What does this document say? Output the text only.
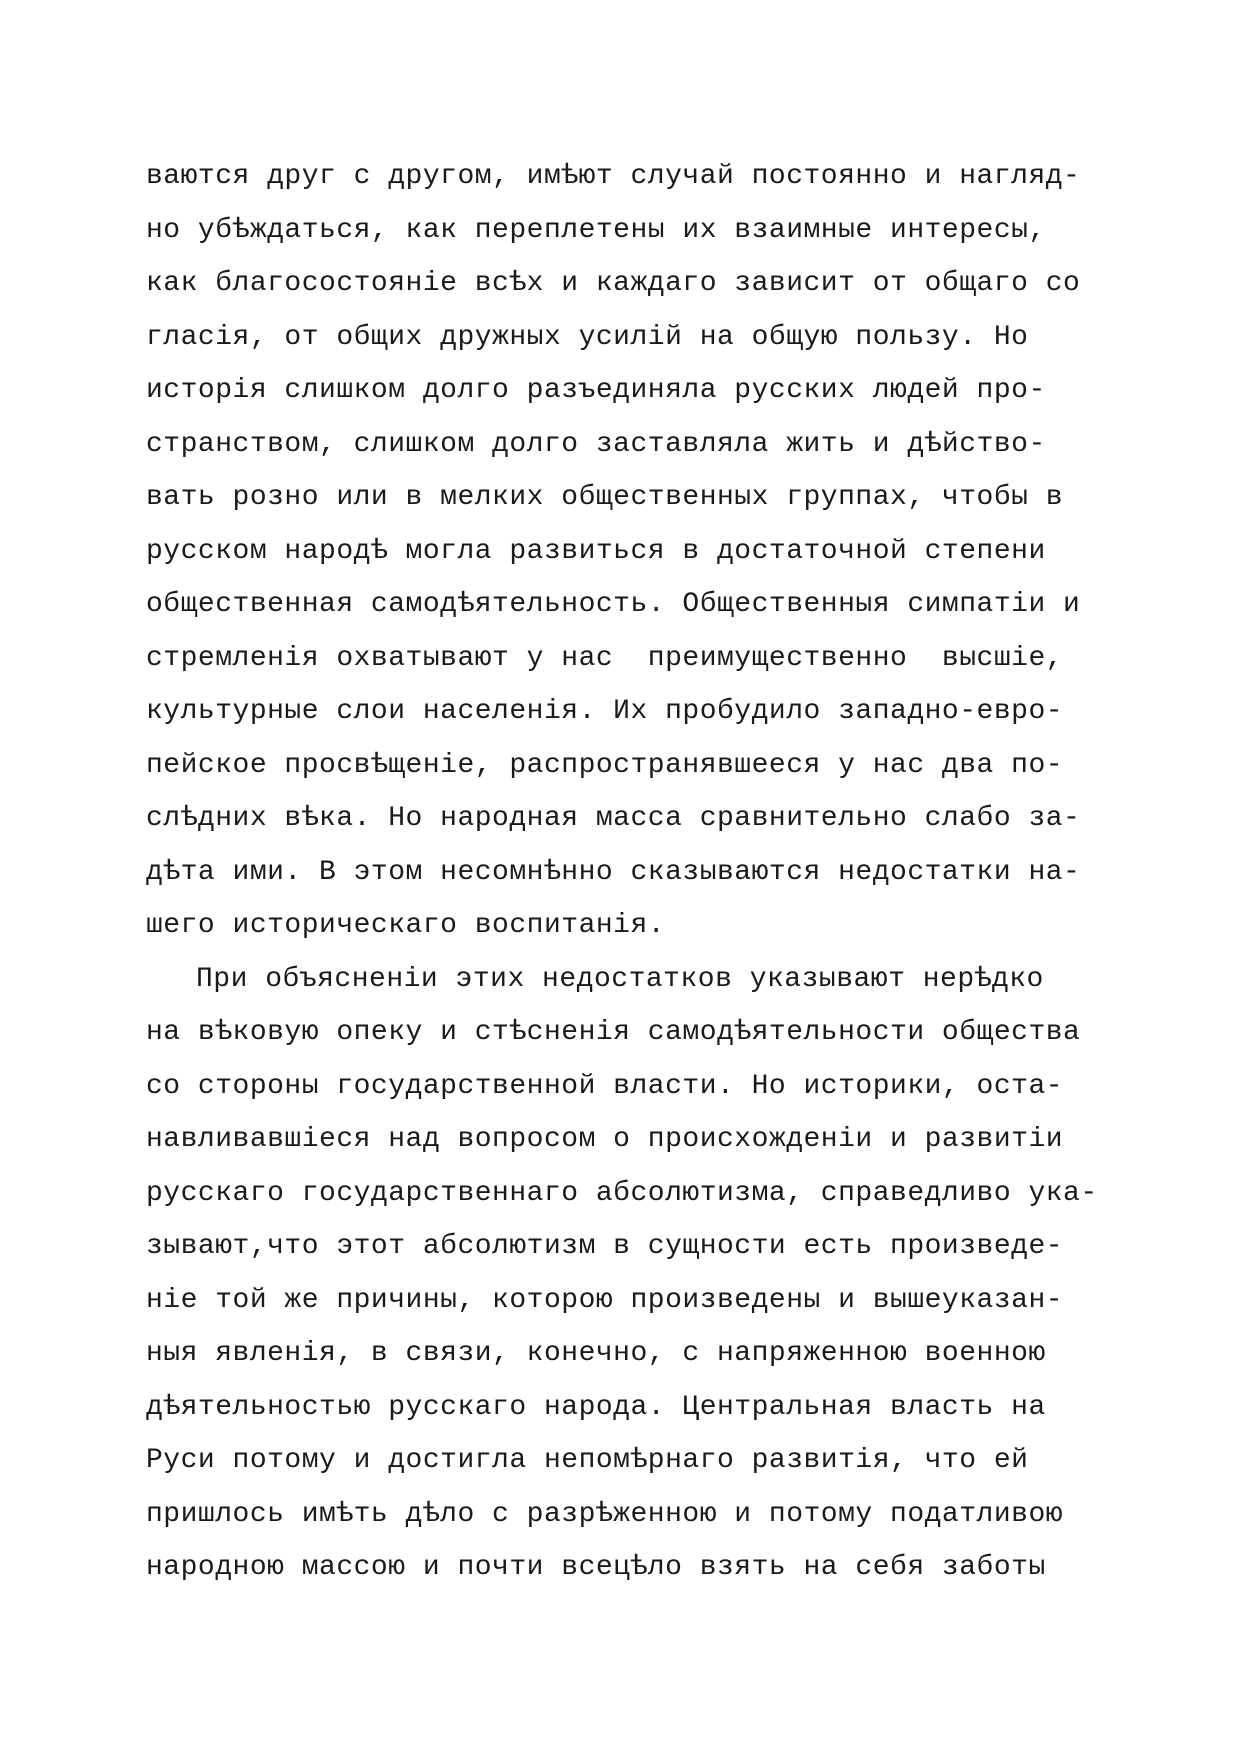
ваются друг с другом, имѣют случай постоянно и нагляд-
но убѣждаться, как переплетены их взаимные интересы,
как благосостоянiе всѣх и каждаго зависит от общаго со
гласiя, от общих дружных усилiй на общую пользу. Но
исторiя слишком долго разъединяла русских людей про-
странством, слишком долго заставляла жить и дѣйство-
вать розно или в мелких общественных группах, чтобы в
русском народѣ могла развиться в достаточной степени
общественная самодѣятельность. Общественныя симпатiи и
стремленiя охватывают у нас  преимущественно  высшiе,
культурные слои населенiя. Их пробудило западно-евро-
пейское просвѣщенiе, распространявшееся у нас два по-
слѣдних вѣка. Но народная масса сравнительно слабо за-
дѣта ими. В этом несомнѣнно сказываются недостатки на-
шего историческаго воспитанiя.
При объясненiи этих недостатков указывают нерѣдко
на вѣковую опеку и стѣсненiя самодѣятельности общества
со стороны государственной власти. Но историки, оста-
навливавшiеся над вопросом о происхожденiи и развитiи
русскаго государственнаго абсолютизма, справедливо ука-
зывают,что этот абсолютизм в сущности есть произведе-
нiе той же причины, которою произведены и вышеуказан-
ныя явленiя, в связи, конечно, с напряженною военною
дѣятельностью русскаго народа. Центральная власть на
Руси потому и достигла непомѣрнаго развитiя, что ей
пришлось имѣть дѣло с разрѣженною и потому податливою
народною массою и почти всецѣло взять на себя заботы
